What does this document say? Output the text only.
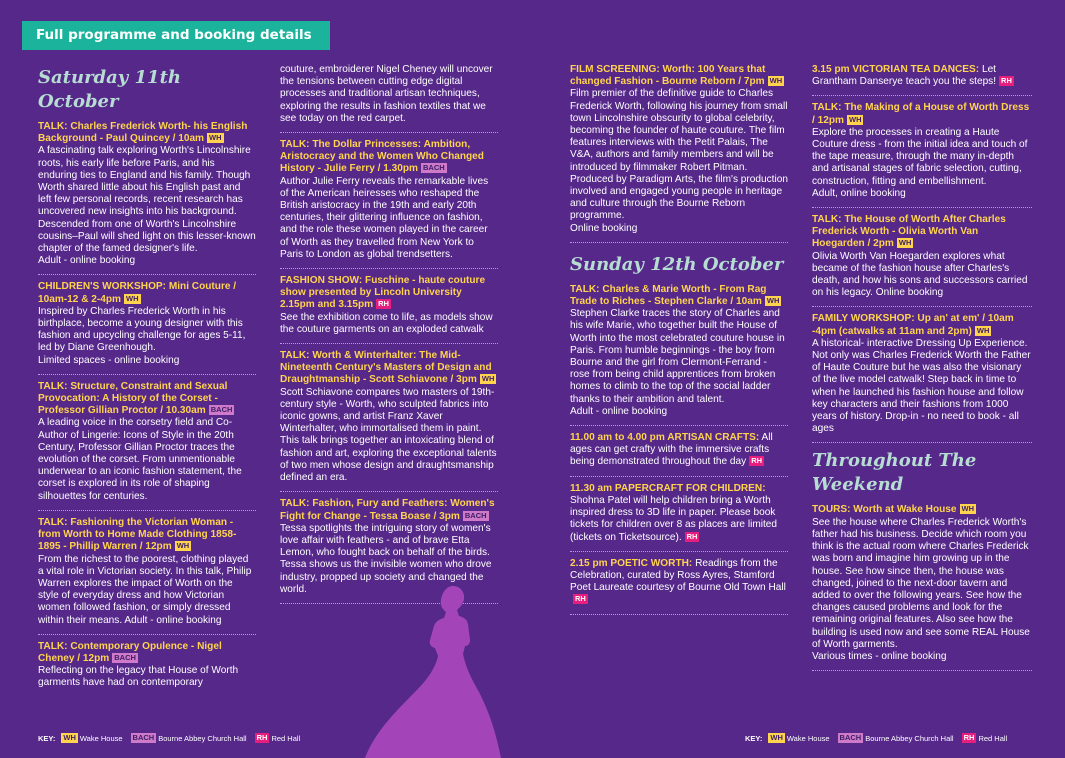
Full programme and booking details
Saturday 11th October
TALK: Charles Frederick Worth- his English Background - Paul Quincey / 10am WH

A fascinating talk exploring Worth's Lincolnshire roots, his early life before Paris, and his enduring ties to England and his family. Though Worth shared little about his English past and left few personal records, recent research has uncovered new insights into his background. Descended from one of Worth's Lincolnshire cousins–Paul will shed light on this lesser-known chapter of the famed designer's life.

Adult - online booking

CHILDREN'S WORKSHOP: Mini Couture / 10am-12 & 2-4pm WH

Inspired by Charles Frederick Worth in his birthplace, become a young designer with this fashion and upcycling challenge for ages 5-11, led by Diane Greenhough.

Limited spaces - online booking

TALK: Structure, Constraint and Sexual Provocation: A History of the Corset - Professor Gillian Proctor / 10.30am BACH

A leading voice in the corsetry field and Co-Author of Lingerie: Icons of Style in the 20th Century, Professor Gillian Proctor traces the evolution of the corset. From unmentionable underwear to an iconic fashion statement, the corset is explored in its role of shaping silhouettes for centuries.

TALK: Fashioning the Victorian Woman - from Worth to Home Made Clothing 1858-1895 - Phillip Warren / 12pm WH

From the richest to the poorest, clothing played a vital role in Victorian society. In this talk, Philip Warren explores the impact of Worth on the style of everyday dress and how Victorian women followed fashion, or simply dressed within their means. Adult - online booking

TALK: Contemporary Opulence - Nigel Cheney / 12pm BACH

Reflecting on the legacy that House of Worth garments have had on contemporary

couture, embroiderer Nigel Cheney will uncover the tensions between cutting edge digital processes and traditional artisan techniques, exploring the results in fashion textiles that we see today on the red carpet.

TALK: The Dollar Princesses: Ambition, Aristocracy and the Women Who Changed History - Julie Ferry / 1.30pm BACH

Author Julie Ferry reveals the remarkable lives of the American heiresses who reshaped the British aristocracy in the 19th and early 20th centuries, their glittering influence on fashion, and the role these women played in the career of Worth as they travelled from New York to Paris to London as global trendsetters.

FASHION SHOW: Fuschine - haute couture show presented by Lincoln University 2.15pm and 3.15pm RH

See the exhibition come to life, as models show the couture garments on an exploded catwalk

TALK: Worth & Winterhalter: The Mid-Nineteenth Century's Masters of Design and Draughtmanship - Scott Schiavone / 3pm WH

Scott Schiavone compares two masters of 19th-century style - Worth, who sculpted fabrics into iconic gowns, and artist Franz Xaver Winterhalter, who immortalised them in paint. This talk brings together an intoxicating blend of fashion and art, exploring the exceptional talents of two men whose design and draughtsmanship defined an era.

TALK: Fashion, Fury and Feathers: Women's Fight for Change - Tessa Boase / 3pm BACH

Tessa spotlights the intriguing story of women's love affair with feathers - and of brave Etta Lemon, who fought back on behalf of the birds. Tessa shows us the invisible women who drove industry, propped up society and changed the world.

FILM SCREENING: Worth: 100 Years that changed Fashion - Bourne Reborn / 7pm WH

Film premier of the definitive guide to Charles Frederick Worth, following his journey from small town Lincolnshire obscurity to global celebrity, becoming the founder of haute couture. The film features interviews with the Petit Palais, The V&A, authors and family members and will be introduced by filmmaker Robert Pitman. Produced by Paradigm Arts, the film's production involved and engaged young people in heritage and culture through the Bourne Reborn programme.

Online booking

Sunday 12th October
TALK: Charles & Marie Worth - From Rag Trade to Riches - Stephen Clarke / 10am WH

Stephen Clarke traces the story of Charles and his wife Marie, who together built the House of Worth into the most celebrated couture house in Paris. From humble beginnings - the boy from Bourne and the girl from Clermont-Ferrand - rose from being child apprentices from broken homes to climb to the top of the social ladder thanks to their ambition and talent.

Adult - online booking

11.00 am to 4.00 pm ARTISAN CRAFTS: All ages can get crafty with the immersive crafts being demonstrated throughout the day RH
11.30 am PAPERCRAFT FOR CHILDREN: Shohna Patel will help children bring a Worth inspired dress to 3D life in paper. Please book tickets for children over 8 as places are limited (tickets on Ticketsource). RH
2.15 pm POETIC WORTH: Readings from the Celebration, curated by Ross Ayres, Stamford Poet Laureate courtesy of Bourne Old Town HallRH
3.15 pm VICTORIAN TEA DANCES: Let Grantham Danserye teach you the steps! RH
TALK: The Making of a House of Worth Dress / 12pm WH

Explore the processes in creating a Haute Couture dress - from the initial idea and touch of the tape measure, through the many in-depth and artisanal stages of fabric selection, cutting, construction, fitting and embellishment.

Adult, online booking

TALK: The House of Worth After Charles Frederick Worth - Olivia Worth Van Hoegarden / 2pm WH

Olivia Worth Van Hoegarden explores what became of the fashion house after Charles's death, and how his sons and successors carried on his legacy. Online booking

FAMILY WORKSHOP: Up an' at em' / 10am -4pm (catwalks at 11am and 2pm) WH

A historical- interactive Dressing Up Experience. Not only was Charles Frederick Worth the Father of Haute Couture but he was also the visionary of the live model catwalk! Step back in time to when he launched his fashion house and follow key characters and their fashions from 1000 years of history. Drop-in - no need to book - all ages

Throughout The Weekend
TOURS: Worth at Wake House WH

See the house where Charles Frederick Worth's father had his business. Decide which room you think is the actual room where Charles Frederick was born and imagine him growing up in the house. See how since then, the house was changed, joined to the next-door tavern and added to over the following years. See how the changes caused problems and look for the remaining original features. Also see how the building is used now and see some REAL House of Worth garments.

Various times - online booking

KEY: WH Wake House BACH Bourne Abbey Church Hall RH Red Hall	KEY: WH Wake House BACH Bourne Abbey Church Hall RH Red Hall
